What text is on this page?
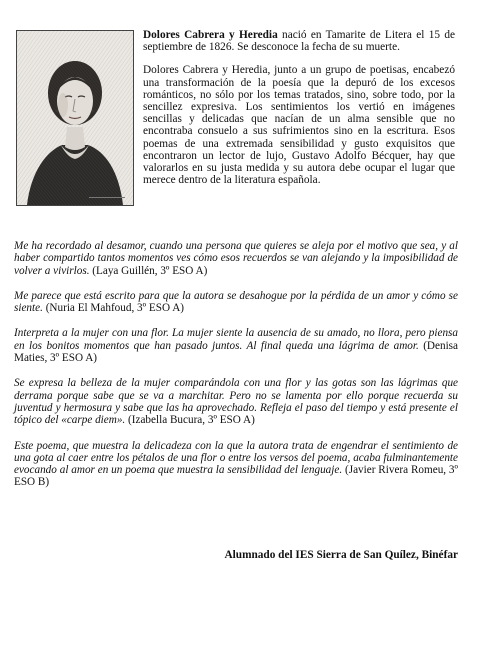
Dolores Cabrera y Heredia nació en Tamarite de Litera el 15 de septiembre de 1826. Se desconoce la fecha de su muerte.

Dolores Cabrera y Heredia, junto a un grupo de poetisas, encabezó una transformación de la poesía que la depuró de los excesos románticos, no sólo por los temas tratados, sino, sobre todo, por la sencillez expresiva. Los sentimientos los vertió en imágenes sencillas y delicadas que nacían de un alma sensible que no encontraba consuelo a sus sufrimientos sino en la escritura. Esos poemas de una extremada sensibilidad y gusto exquisitos que encontraron un lector de lujo, Gustavo Adolfo Bécquer, hay que valorarlos en su justa medida y su autora debe ocupar el lugar que merece dentro de la literatura española.

Me ha recordado al desamor, cuando una persona que quieres se aleja por el motivo que sea, y al haber compartido tantos momentos ves cómo esos recuerdos se van alejando y la imposibilidad de volver a vivirlos. (Laya Guillén, 3º ESO A)

Me parece que está escrito para que la autora se desahogue por la pérdida de un amor y cómo se siente. (Nuria El Mahfoud, 3º ESO A)

Interpreta a la mujer con una flor. La mujer siente la ausencia de su amado, no llora, pero piensa en los bonitos momentos que han pasado juntos. Al final queda una lágrima de amor. (Denisa Maties, 3º ESO A)

Se expresa la belleza de la mujer comparándola con una flor y las gotas son las lágrimas que derrama porque sabe que se va a marchitar. Pero no se lamenta por ello porque recuerda su juventud y hermosura y sabe que las ha aprovechado. Refleja el paso del tiempo y está presente el tópico del «carpe diem». (Izabella Bucura, 3º ESO A)

Este poema, que muestra la delicadeza con la que la autora trata de engendrar el sentimiento de una gota al caer entre los pétalos de una flor o entre los versos del poema, acaba fulminantemente evocando al amor en un poema que muestra la sensibilidad del lenguaje. (Javier Rivera Romeu, 3º ESO B)

Alumnado del IES Sierra de San Quílez, Binéfar
